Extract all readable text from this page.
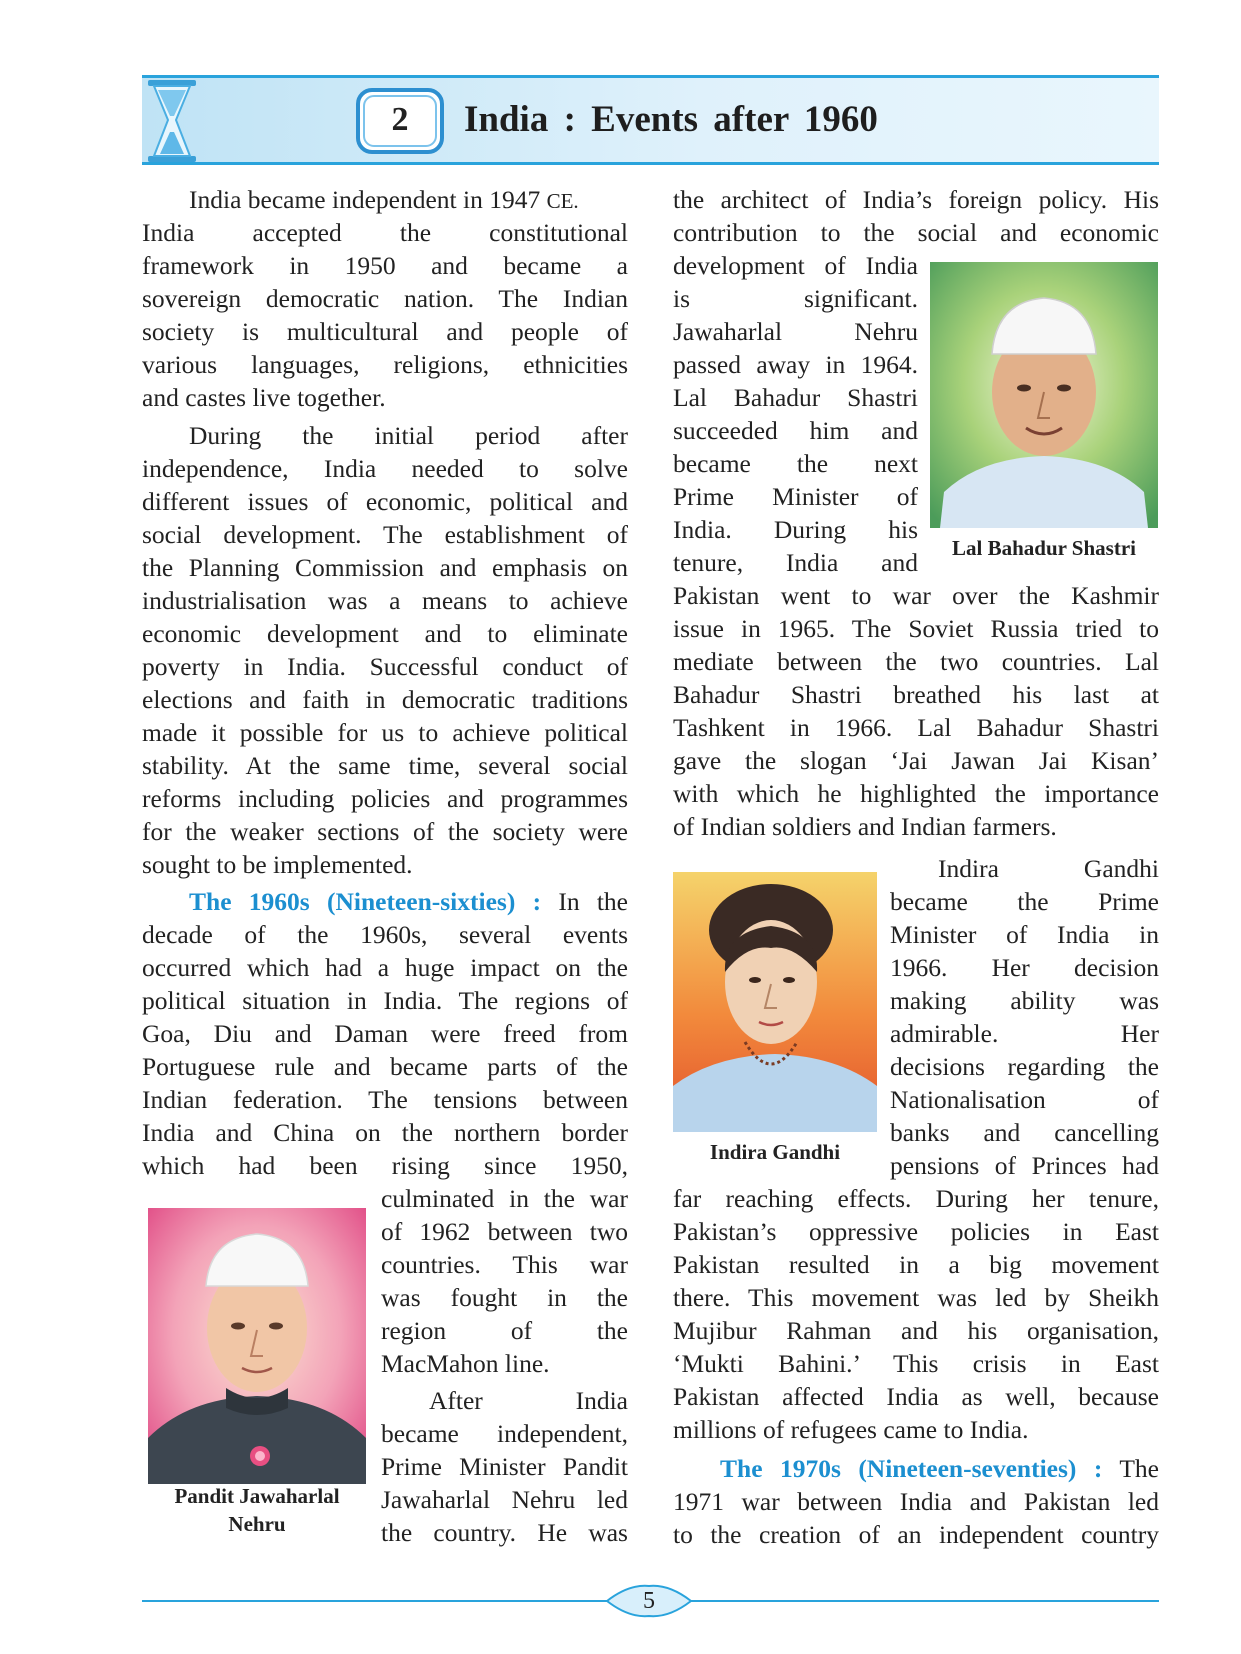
2	India : Events after 1960
India became independent in 1947 CE.
India accepted the constitutional
framework in 1950 and became a
sovereign democratic nation. The Indian
society is multicultural and people of
various languages, religions, ethnicities
and castes live together.
During the initial period after
independence, India needed to solve
different issues of economic, political and
social development. The establishment of
the Planning Commission and emphasis on
industrialisation was a means to achieve
economic development and to eliminate
poverty in India. Successful conduct of
elections and faith in democratic traditions
made it possible for us to achieve political
stability. At the same time, several social
reforms including policies and programmes
for the weaker sections of the society were
sought to be implemented.
The 1960s (Nineteen-sixties) : In the
decade of the 1960s, several events
occurred which had a huge impact on the
political situation in India. The regions of
Goa, Diu and Daman were freed from
Portuguese rule and became parts of the
Indian federation. The tensions between
India and China on the northern border
which had been rising since 1950,
culminated in the war
of 1962 between two
countries. This war
was fought in the
region of the
MacMahon line.
After India
became independent,
Prime Minister Pandit
Jawaharlal Nehru led
the country. He was
Pandit Jawaharlal
Nehru
the architect of India’s foreign policy. His
contribution to the social and economic
development of India
is significant.
Jawaharlal Nehru
passed away in 1964.
Lal Bahadur Shastri
succeeded him and
became the next
Prime Minister of
India. During his
tenure, India and	Lal Bahadur Shastri
Pakistan went to war over the Kashmir
issue in 1965. The Soviet Russia tried to
mediate between the two countries. Lal
Bahadur Shastri breathed his last at
Tashkent in 1966. Lal Bahadur Shastri
gave the slogan ‘Jai Jawan Jai Kisan’
with which he highlighted the importance
of Indian soldiers and Indian farmers.
Indira Gandhi
Indira Gandhi
became the Prime
Minister of India in
1966. Her decision
making ability was
admirable. Her
decisions regarding the
Nationalisation of
banks and cancelling
pensions of Princes had
far reaching effects. During her tenure,
Pakistan’s oppressive policies in East
Pakistan resulted in a big movement
there. This movement was led by Sheikh
Mujibur Rahman and his organisation,
‘Mukti Bahini.’ This crisis in East
Pakistan affected India as well, because
millions of refugees came to India.
The 1970s (Nineteen-seventies) : The
1971 war between India and Pakistan led
to the creation of an independent country
5
